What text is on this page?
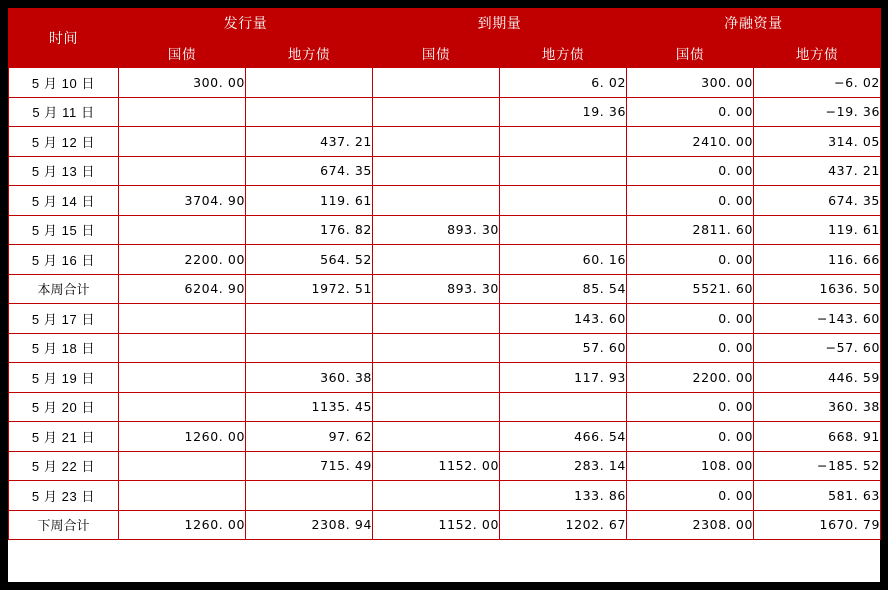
时间	发行量		到期量		净融资量	
	国债	地方债	国债	地方债	国债	地方债
5 月 10 日	300. 00			6. 02	300. 00	−6. 02
5 月 11 日				19. 36	0. 00	−19. 36
5 月 12 日		437. 21			2410. 00	314. 05
5 月 13 日		674. 35			0. 00	437. 21
5 月 14 日	3704. 90	119. 61			0. 00	674. 35
5 月 15 日		176. 82	893. 30		2811. 60	119. 61
5 月 16 日	2200. 00	564. 52		60. 16	0. 00	116. 66
本周合计	6204. 90	1972. 51	893. 30	85. 54	5521. 60	1636. 50
5 月 17 日				143. 60	0. 00	−143. 60
5 月 18 日				57. 60	0. 00	−57. 60
5 月 19 日		360. 38		117. 93	2200. 00	446. 59
5 月 20 日		1135. 45			0. 00	360. 38
5 月 21 日	1260. 00	97. 62		466. 54	0. 00	668. 91
5 月 22 日		715. 49	1152. 00	283. 14	108. 00	−185. 52
5 月 23 日				133. 86	0. 00	581. 63
下周合计	1260. 00	2308. 94	1152. 00	1202. 67	2308. 00	1670. 79
